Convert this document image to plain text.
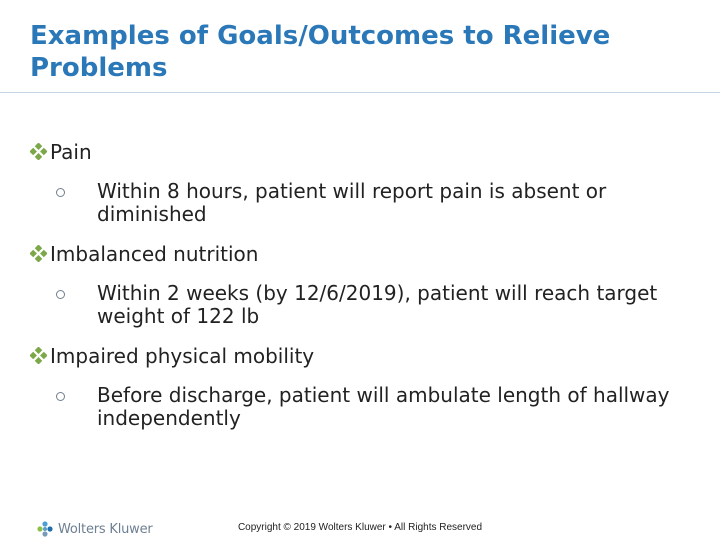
Examples of Goals/Outcomes to Relieve Problems
Pain
Within 8 hours, patient will report pain is absent or diminished
Imbalanced nutrition
Within 2 weeks (by 12/6/2019), patient will reach target weight of 122 lb
Impaired physical mobility
Before discharge, patient will ambulate length of hallway independently
Wolters Kluwer	Copyright © 2019 Wolters Kluwer • All Rights Reserved
